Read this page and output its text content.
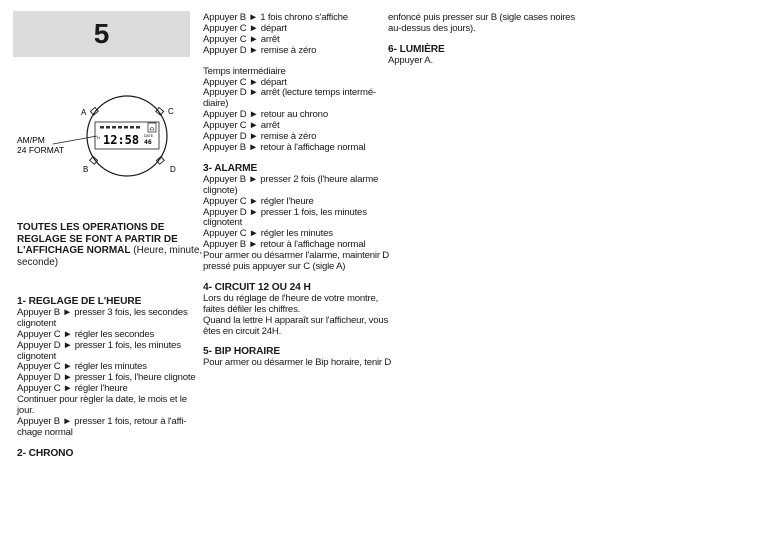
5
A	C
B	D
H 12:58 DATE
46
AM/PM
24 FORMAT
TOUTES LES OPERATIONS DE
REGLAGE SE FONT A PARTIR DE
L'AFFICHAGE NORMAL (Heure, minute,
seconde)
1- REGLAGE DE L'HEURE
Appuyer B ► presser 3 fois, les secondes
clignotent
Appuyer C ► régler les secondes
Appuyer D ► presser 1 fois, les minutes
clignotent
Appuyer C ► régler les minutes
Appuyer D ► presser 1 fois, l'heure clignote
Appuyer C ► régler l'heure
Continuer pour règler la date, le mois et le
jour.
Appuyer B ► presser 1 fois, retour à l'affi-
chage normal
2- CHRONO
Appuyer B ► 1 fois chrono s'affiche
Appuyer C ► départ
Appuyer C ► arrêt
Appuyer D ► remise à zéro
Temps intermédiaire
Appuyer C ► départ
Appuyer D ► arrêt (lecture temps intermé-
diaire)
Appuyer D ► retour au chrono
Appuyer C ► arrêt
Appuyer D ► remise à zéro
Appuyer B ► retour à l'affichage normal
3- ALARME
Appuyer B ► presser 2 fois (l'heure alarme
clignote)
Appuyer C ► régler l'heure
Appuyer D ► presser 1 fois, les minutes
clignotent
Appuyer C ► régler les minutes
Appuyer B ► retour à l'affichage normal
Pour armer ou désarmer l'alarme, maintenir D
pressé puis appuyer sur C (sigle A)
4- CIRCUIT 12 OU 24 H
Lors du réglage de l'heure de votre montre,
faites défiler les chiffres.
Quand la lettre H apparaît sur l'afficheur, vous
êtes en circuit 24H.
5- BIP HORAIRE
Pour armer ou désarmer le Bip horaire, tenir D
enfoncé puis presser sur B (sigle cases noires
au-dessus des jours).
6- LUMIÈRE
Appuyer A.
